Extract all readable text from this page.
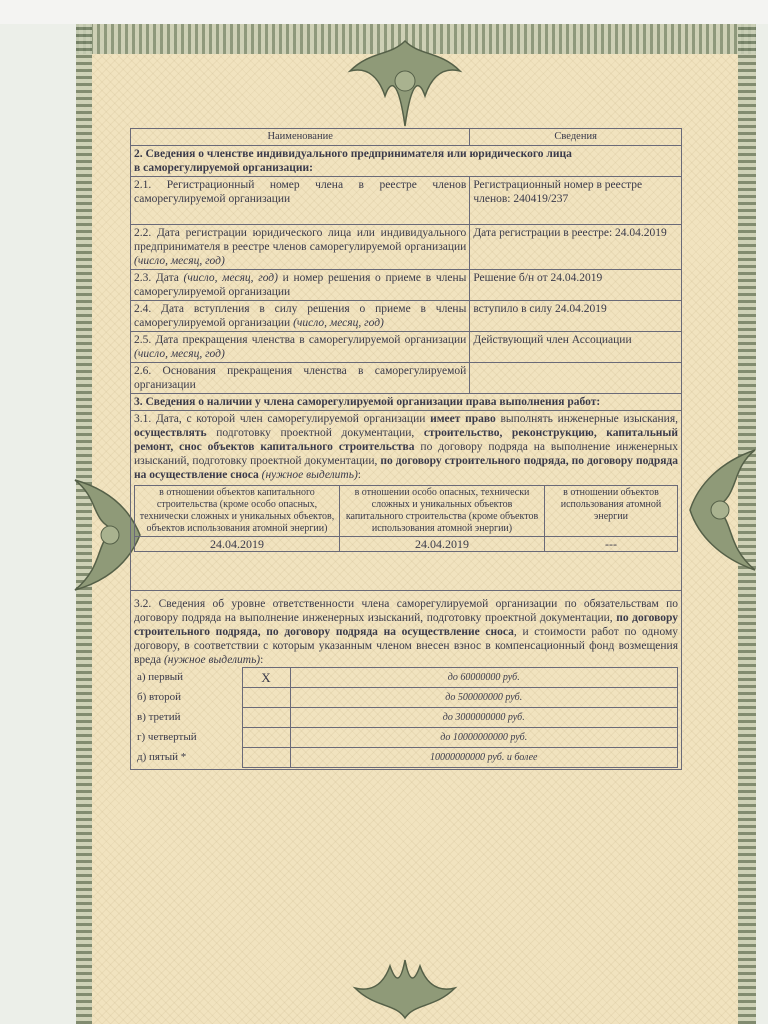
Наименование	Сведения

2. Сведения о членстве индивидуального предпринимателя или юридического лица
в саморегулируемой организации:

2.1. Регистрационный номер члена в реестре членов саморегулируемой организации	Регистрационный номер в реестре членов: 240419/237
2.2. Дата регистрации юридического лица или индивидуального предпринимателя в реестре членов саморегулируемой организации (число, месяц, год)	Дата регистрации в реестре: 24.04.2019
2.3. Дата (число, месяц, год) и номер решения о приеме в члены саморегулируемой организации	Решение б/н от 24.04.2019
2.4. Дата вступления в силу решения о приеме в члены саморегулируемой организации (число, месяц, год)	вступило в силу 24.04.2019
2.5. Дата прекращения членства в саморегулируемой организации (число, месяц, год)	Действующий член Ассоциации
2.6. Основания прекращения членства в саморегулируемой организации	
3. Сведения о наличии у члена саморегулируемой организации права выполнения работ:
3.1. Дата, с которой член саморегулируемой организации имеет право выполнять инженерные изыскания, осуществлять подготовку проектной документации, строительство, реконструкцию, капитальный ремонт, снос объектов капитального строительства по договору подряда на выполнение инженерных изысканий, подготовку проектной документации, по договору строительного подряда, по договору подряда на осуществление сноса (нужное выделить):
в отношении объектов капитального строительства (кроме особо опасных, технически сложных и уникальных объектов, объектов использования атомной энергии)	в отношении особо опасных, технически сложных и уникальных объектов капитального строительства (кроме объектов использования атомной энергии)	в отношении объектов использования атомной энергии
24.04.2019	24.04.2019	---

3.2. Сведения об уровне ответственности члена саморегулируемой организации по обязательствам по договору подряда на выполнение инженерных изысканий, подготовку проектной документации, по договору строительного подряда, по договору подряда на осуществление сноса, и стоимости работ по одному договору, в соответствии с которым указанным членом внесен взнос в компенсационный фонд возмещения вреда (нужное выделить):
а) первый	Х	до 60000000 руб.
б) второй		до 500000000 руб.
в) третий		до 3000000000 руб.
г) четвертый		до 10000000000 руб.
д) пятый *		10000000000 руб. и более
